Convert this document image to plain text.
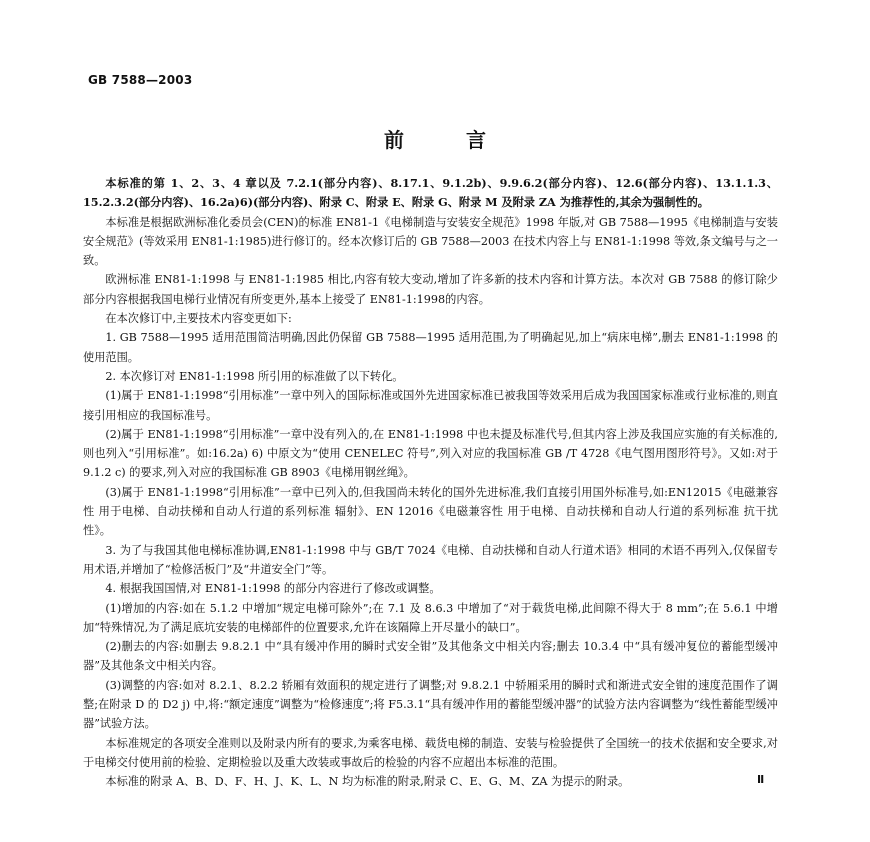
GB 7588—2003
前	言

本标准的第 1、2、3、4 章以及 7.2.1(部分内容)、8.17.1、9.1.2b)、9.9.6.2(部分内容)、12.6(部分内容)、13.1.1.3、15.2.3.2(部分内容)、16.2a)6)(部分内容)、附录 C、附录 E、附录 G、附录 M 及附录 ZA 为推荐性的,其余为强制性的。

本标准是根据欧洲标准化委员会(CEN)的标准 EN81-1《电梯制造与安装安全规范》1998 年版,对 GB 7588—1995《电梯制造与安装安全规范》(等效采用 EN81-1:1985)进行修订的。经本次修订后的 GB 7588—2003 在技术内容上与 EN81-1:1998 等效,条文编号与之一致。

欧洲标准 EN81-1:1998 与 EN81-1:1985 相比,内容有较大变动,增加了许多新的技术内容和计算方法。本次对 GB 7588 的修订除少部分内容根据我国电梯行业情况有所变更外,基本上接受了 EN81-1:1998的内容。

在本次修订中,主要技术内容变更如下:

1. GB 7588—1995 适用范围简洁明确,因此仍保留 GB 7588—1995 适用范围,为了明确起见,加上“病床电梯”,删去 EN81-1:1998 的使用范围。

2. 本次修订对 EN81-1:1998 所引用的标准做了以下转化。

(1)属于 EN81-1:1998“引用标准”一章中列入的国际标准或国外先进国家标准已被我国等效采用后成为我国国家标准或行业标准的,则直接引用相应的我国标准号。

(2)属于 EN81-1:1998“引用标准”一章中没有列入的,在 EN81-1:1998 中也未提及标准代号,但其内容上涉及我国应实施的有关标准的,则也列入“引用标准”。如:16.2a) 6) 中原文为“使用 CENELEC 符号”,列入对应的我国标准 GB /T 4728《电气图用图形符号》。又如:对于 9.1.2 c) 的要求,列入对应的我国标准 GB 8903《电梯用钢丝绳》。

(3)属于 EN81-1:1998“引用标准”一章中已列入的,但我国尚未转化的国外先进标准,我们直接引用国外标准号,如:EN12015《电磁兼容性 用于电梯、自动扶梯和自动人行道的系列标准 辐射》、EN 12016《电磁兼容性 用于电梯、自动扶梯和自动人行道的系列标准 抗干扰性》。

3. 为了与我国其他电梯标准协调,EN81-1:1998 中与 GB/T 7024《电梯、自动扶梯和自动人行道术语》相同的术语不再列入,仅保留专用术语,并增加了“检修活板门”及“井道安全门”等。

4. 根据我国国情,对 EN81-1:1998 的部分内容进行了修改或调整。

(1)增加的内容:如在 5.1.2 中增加“规定电梯可除外”;在 7.1 及 8.6.3 中增加了“对于载货电梯,此间隙不得大于 8 mm”;在 5.6.1 中增加“特殊情况,为了满足底坑安装的电梯部件的位置要求,允许在该隔障上开尽量小的缺口”。

(2)删去的内容:如删去 9.8.2.1 中“具有缓冲作用的瞬时式安全钳”及其他条文中相关内容;删去 10.3.4 中“具有缓冲复位的蓄能型缓冲器”及其他条文中相关内容。

(3)调整的内容:如对 8.2.1、8.2.2 轿厢有效面积的规定进行了调整;对 9.8.2.1 中轿厢采用的瞬时式和渐进式安全钳的速度范围作了调整;在附录 D 的 D2 j) 中,将:“额定速度”调整为“检修速度”;将 F5.3.1“具有缓冲作用的蓄能型缓冲器”的试验方法内容调整为“线性蓄能型缓冲器”试验方法。

本标准规定的各项安全准则以及附录内所有的要求,为乘客电梯、载货电梯的制造、安装与检验提供了全国统一的技术依据和安全要求,对于电梯交付使用前的检验、定期检验以及重大改装或事故后的检验的内容不应超出本标准的范围。

本标准的附录 A、B、D、F、H、J、K、L、N 均为标准的附录,附录 C、E、G、M、ZA 为提示的附录。	Ⅱ
